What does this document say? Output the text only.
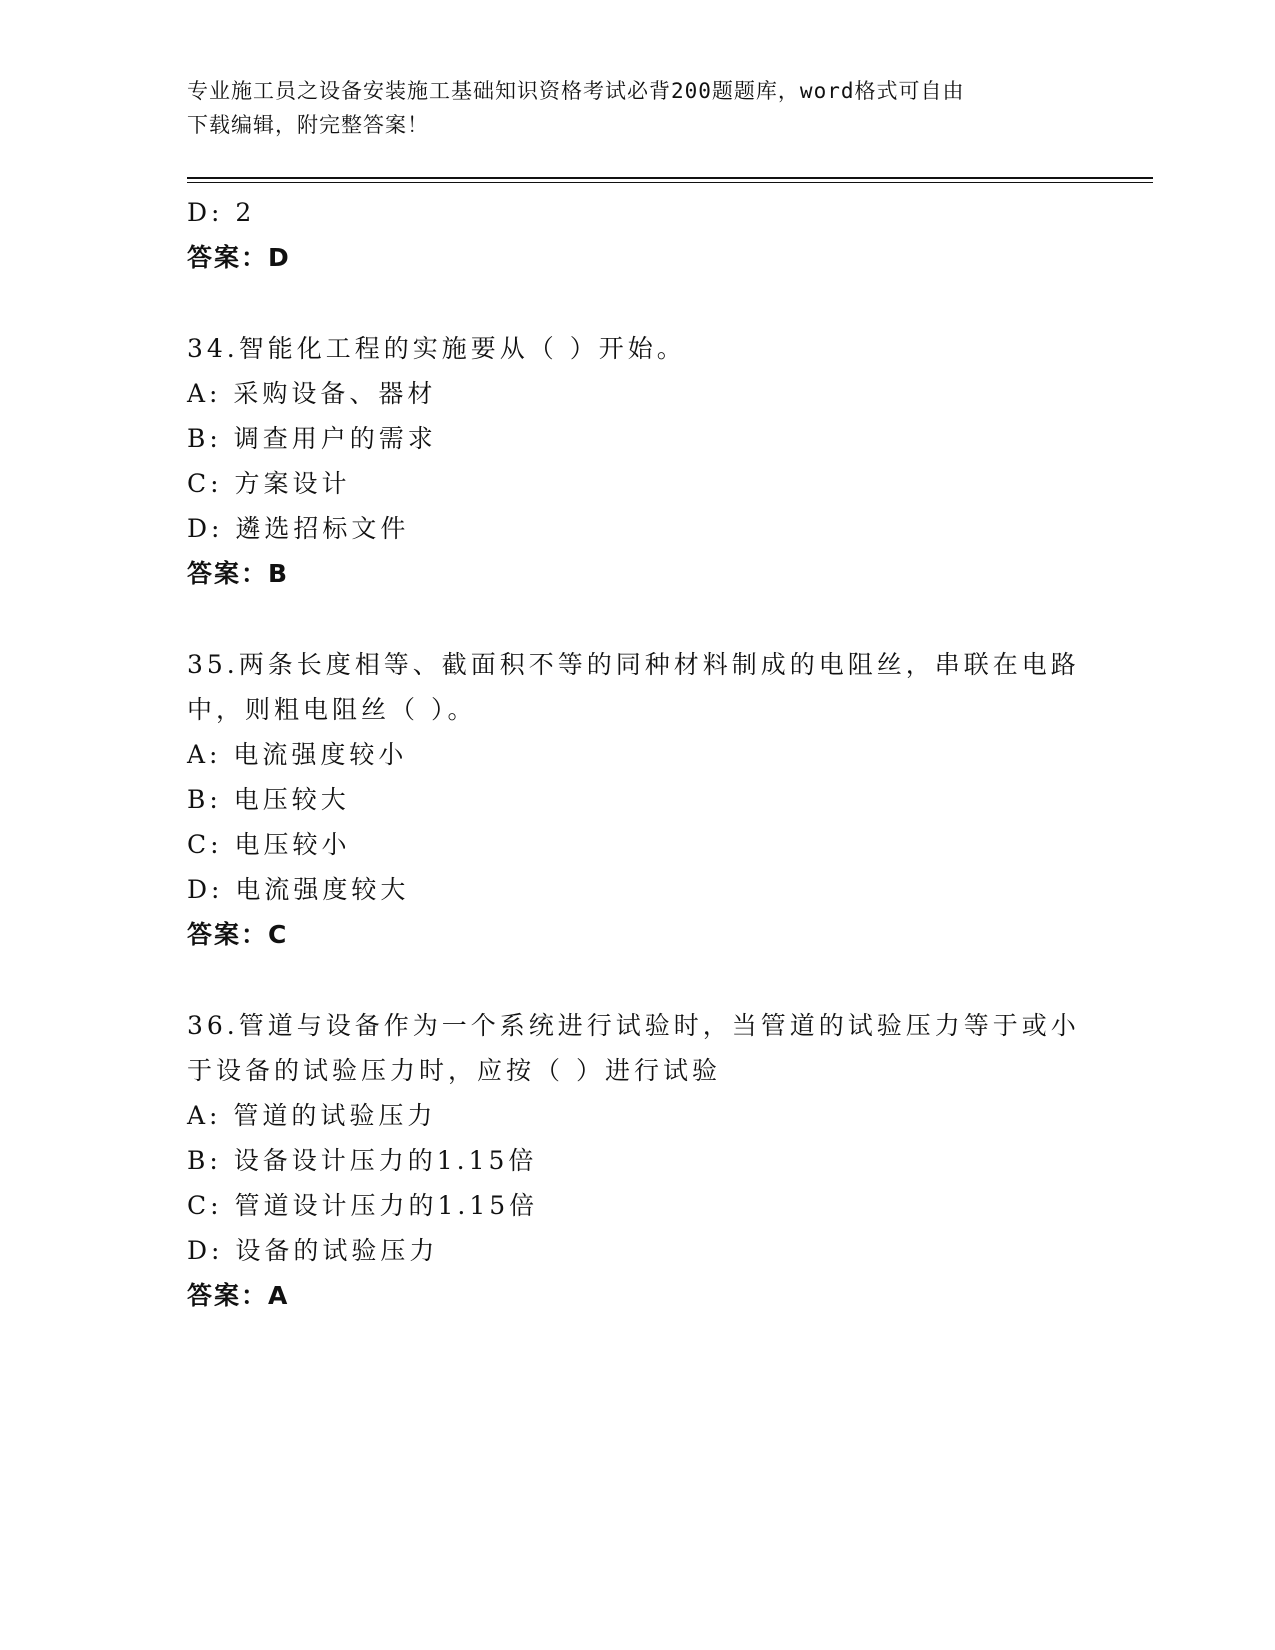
专业施工员之设备安装施工基础知识资格考试必背200题题库，word格式可自由
下载编辑，附完整答案！
D: 2
答案：D
34.智能化工程的实施要从（ ）开始。
A: 采购设备、器材
B: 调查用户的需求
C: 方案设计
D: 遴选招标文件
答案：B
35.两条长度相等、截面积不等的同种材料制成的电阻丝，串联在电路
中，则粗电阻丝（ ）。
A: 电流强度较小
B: 电压较大
C: 电压较小
D: 电流强度较大
答案：C
36.管道与设备作为一个系统进行试验时，当管道的试验压力等于或小
于设备的试验压力时，应按（ ）进行试验
A: 管道的试验压力
B: 设备设计压力的1.15倍
C: 管道设计压力的1.15倍
D: 设备的试验压力
答案：A
